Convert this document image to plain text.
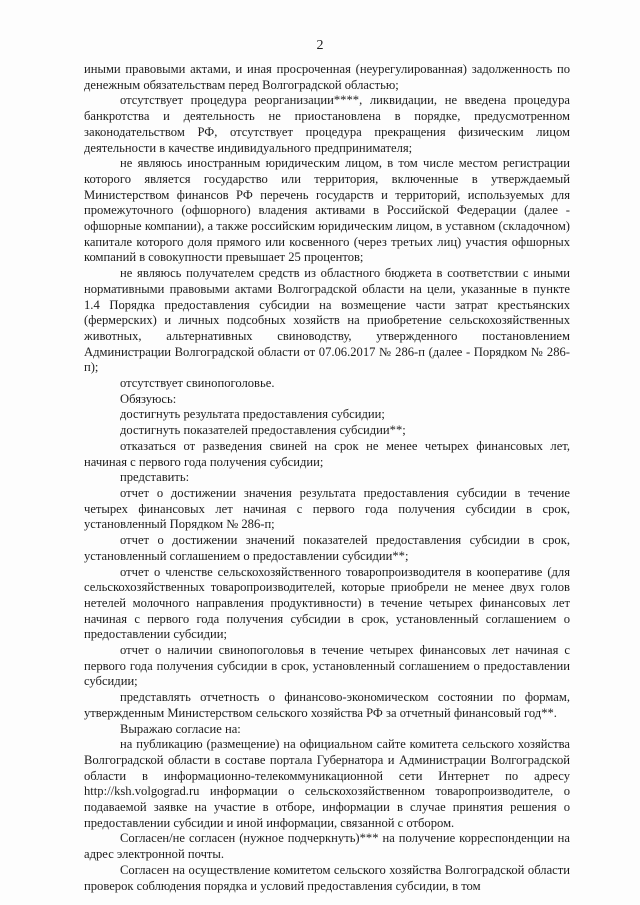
2

иными правовыми актами, и иная просроченная (неурегулированная) задолженность по денежным обязательствам перед Волгоградской областью;

отсутствует процедура реорганизации****, ликвидации, не введена процедура банкротства и деятельность не приостановлена в порядке, предусмотренном законодательством РФ, отсутствует процедура прекращения физическим лицом деятельности в качестве индивидуального предпринимателя;

не являюсь иностранным юридическим лицом, в том числе местом регистрации которого является государство или территория, включенные в утверждаемый Министерством финансов РФ перечень государств и территорий, используемых для промежуточного (офшорного) владения активами в Российской Федерации (далее - офшорные компании), а также российским юридическим лицом, в уставном (складочном) капитале которого доля прямого или косвенного (через третьих лиц) участия офшорных компаний в совокупности превышает 25 процентов;

не являюсь получателем средств из областного бюджета в соответствии с иными нормативными правовыми актами Волгоградской области на цели, указанные в пункте 1.4 Порядка предоставления субсидии на возмещение части затрат крестьянских (фермерских) и личных подсобных хозяйств на приобретение сельскохозяйственных животных, альтернативных свиноводству, утвержденного постановлением Администрации Волгоградской области от 07.06.2017 № 286-п (далее - Порядком № 286-п);

отсутствует свинопоголовье.

Обязуюсь:

достигнуть результата предоставления субсидии;

достигнуть показателей предоставления субсидии**;

отказаться от разведения свиней на срок не менее четырех финансовых лет, начиная с первого года получения субсидии;

представить:

отчет о достижении значения результата предоставления субсидии в течение четырех финансовых лет начиная с первого года получения субсидии в срок, установленный Порядком № 286-п;

отчет о достижении значений показателей предоставления субсидии в срок, установленный соглашением о предоставлении субсидии**;

отчет о членстве сельскохозяйственного товаропроизводителя в кооперативе (для сельскохозяйственных товаропроизводителей, которые приобрели не менее двух голов нетелей молочного направления продуктивности) в течение четырех финансовых лет начиная с первого года получения субсидии в срок, установленный соглашением о предоставлении субсидии;

отчет о наличии свинопоголовья в течение четырех финансовых лет начиная с первого года получения субсидии в срок, установленный соглашением о предоставлении субсидии;

представлять отчетность о финансово-экономическом состоянии по формам, утвержденным Министерством сельского хозяйства РФ за отчетный финансовый год**.

Выражаю согласие на:

на публикацию (размещение) на официальном сайте комитета сельского хозяйства Волгоградской области в составе портала Губернатора и Администрации Волгоградской области в информационно-телекоммуникационной сети Интернет по адресу http://ksh.volgograd.ru информации о сельскохозяйственном товаропроизводителе, о подаваемой заявке на участие в отборе, информации в случае принятия решения о предоставлении субсидии и иной информации, связанной с отбором.

Согласен/не согласен (нужное подчеркнуть)*** на получение корреспонденции на адрес электронной почты.

Согласен на осуществление комитетом сельского хозяйства Волгоградской области проверок соблюдения порядка и условий предоставления субсидии, в том
